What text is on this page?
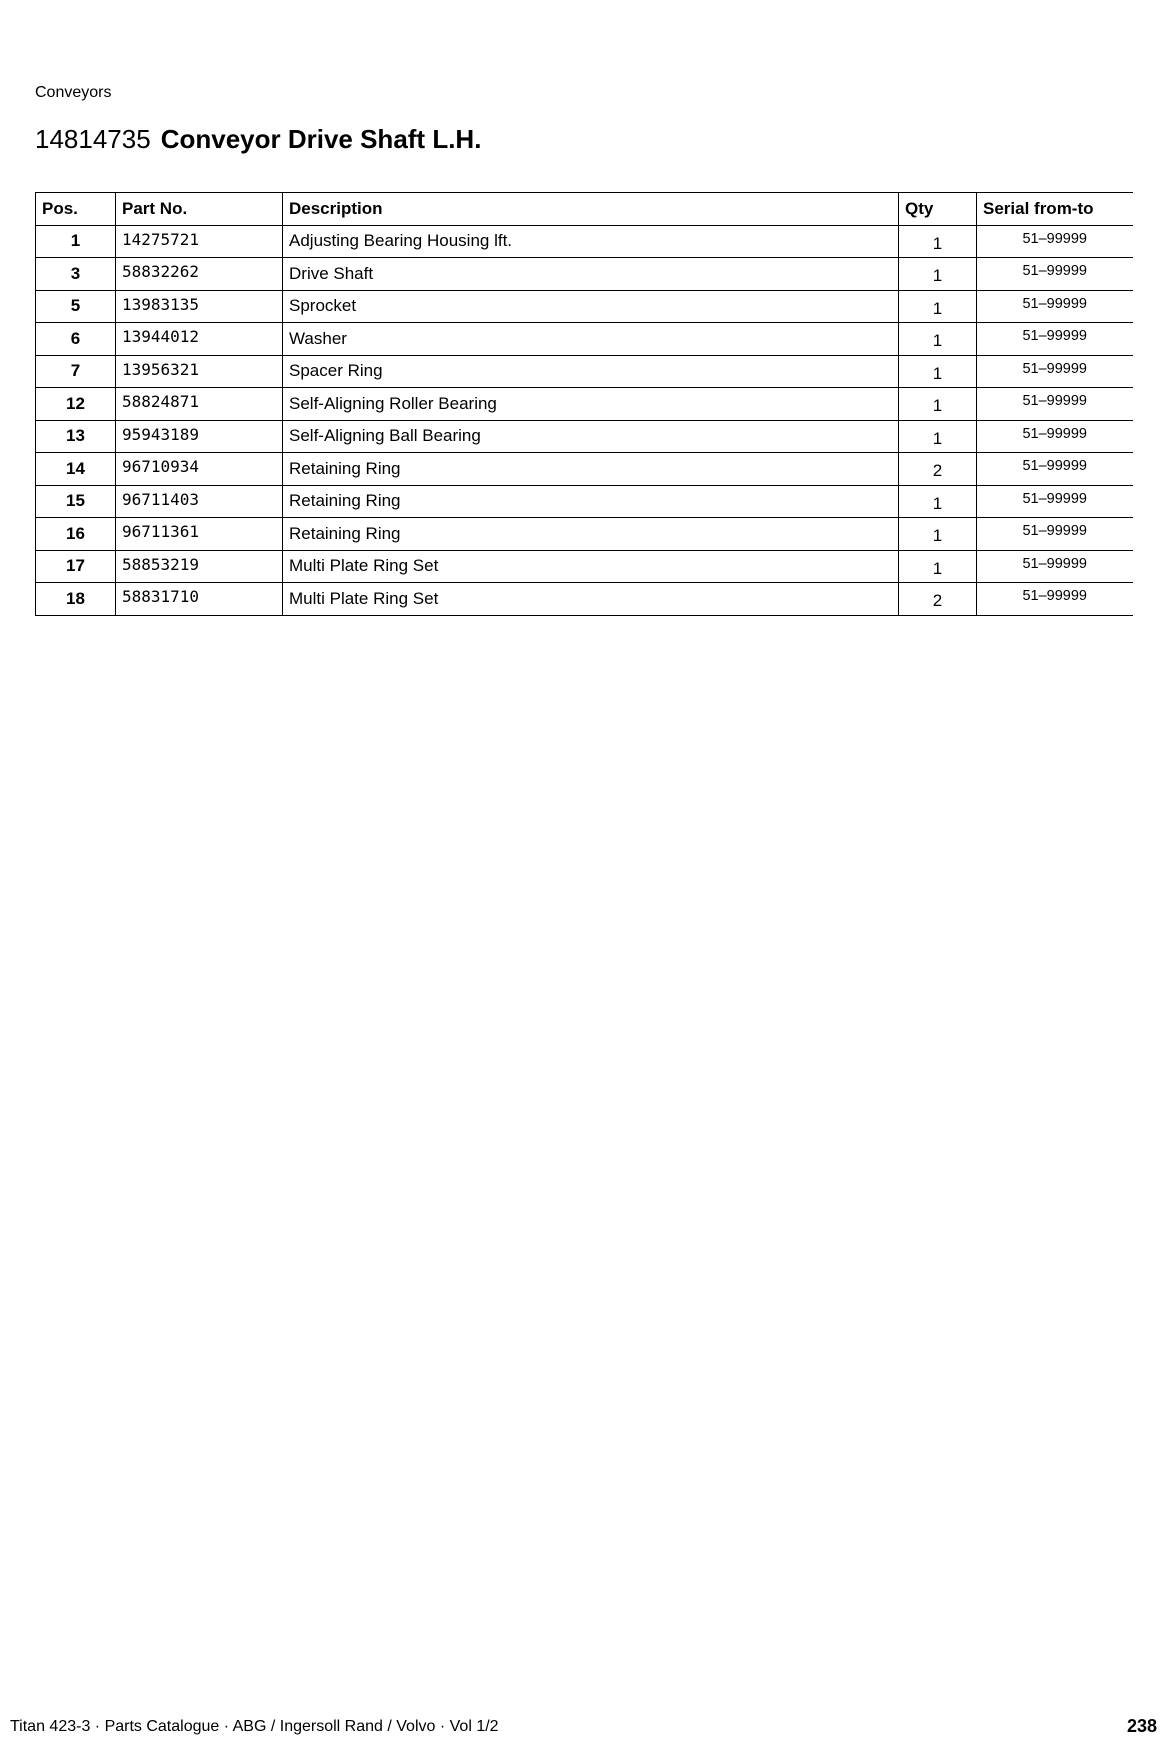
Conveyors
14814735 Conveyor Drive Shaft L.H.
Pos.	Part No.	Description	Qty	Serial from-to
1	14275721	Adjusting Bearing Housing lft.	1	51–99999
3	58832262	Drive Shaft	1	51–99999
5	13983135	Sprocket	1	51–99999
6	13944012	Washer	1	51–99999
7	13956321	Spacer Ring	1	51–99999
12	58824871	Self-Aligning Roller Bearing	1	51–99999
13	95943189	Self-Aligning Ball Bearing	1	51–99999
14	96710934	Retaining Ring	2	51–99999
15	96711403	Retaining Ring	1	51–99999
16	96711361	Retaining Ring	1	51–99999
17	58853219	Multi Plate Ring Set	1	51–99999
18	58831710	Multi Plate Ring Set	2	51–99999
Titan 423-3 · Parts Catalogue · ABG / Ingersoll Rand / Volvo · Vol 1/2	238
